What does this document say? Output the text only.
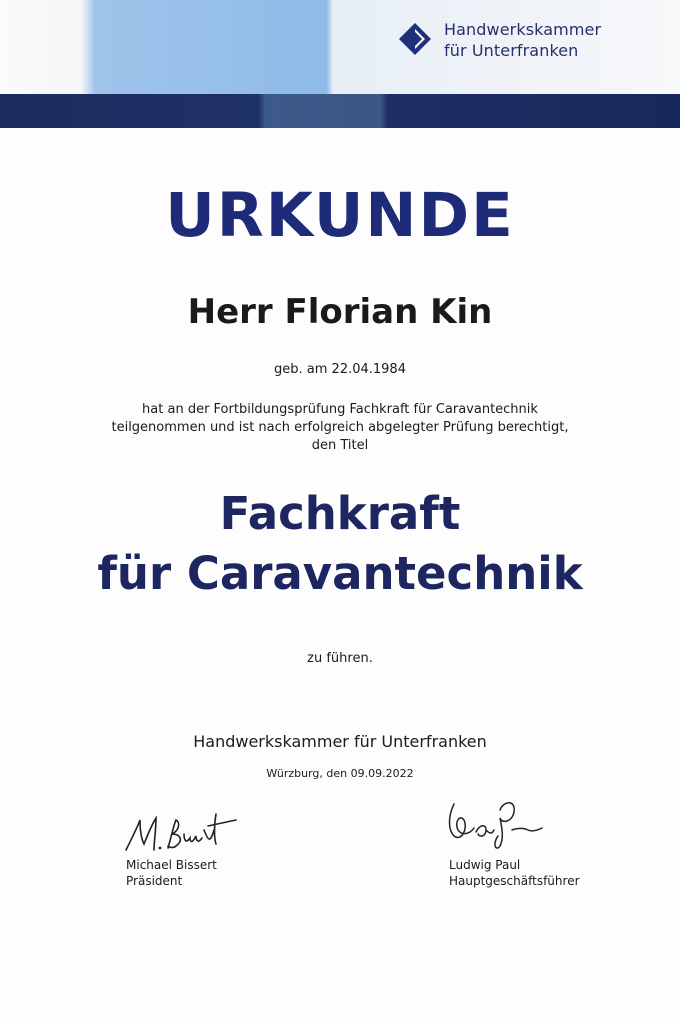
Handwerkskammer
für Unterfranken
URKUNDE
Herr Florian Kin
geb. am 22.04.1984
hat an der Fortbildungsprüfung Fachkraft für Caravantechnik
teilgenommen und ist nach erfolgreich abgelegter Prüfung berechtigt,
den Titel
Fachkraft
für Caravantechnik
zu führen.
Handwerkskammer für Unterfranken
Würzburg, den 09.09.2022
Michael Bissert
Präsident
Ludwig Paul
Hauptgeschäftsführer
